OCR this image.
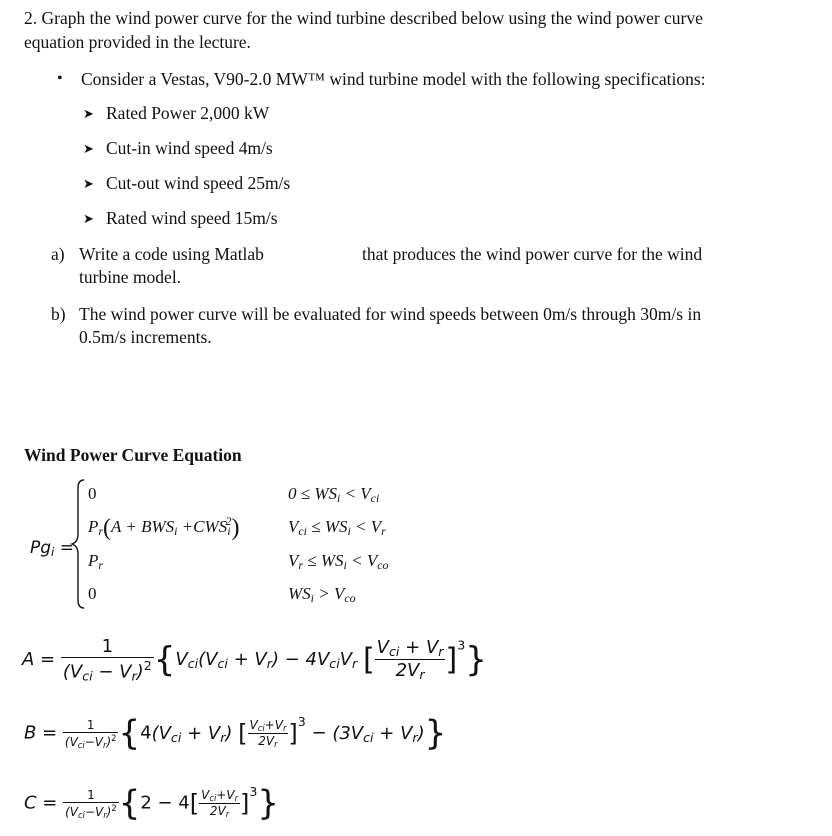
2. Graph the wind power curve for the wind turbine described below using the wind power curve
equation provided in the lecture.
• Consider a Vestas, V90-2.0 MW™ wind turbine model with the following specifications:
➤ Rated Power 2,000 kW
➤ Cut-in wind speed 4m/s
➤ Cut-out wind speed 25m/s
➤ Rated wind speed 15m/s
a) Write a code using Matlab	that produces the wind power curve for the wind
turbine model.
b) The wind power curve will be evaluated for wind speeds between 0m/s through 30m/s in
0.5m/s increments.
Wind Power Curve Equation
$Pg_i$ =
0
$P_r(A + BWS_i +CWS_i^2)$
$P_r$
0
$0 \le WS_i < V_{ci}$
$V_{ci} \le WS_i < V_r$
$V_r \le WS_i < V_{co}$
$WS_i > V_{co}$
$A = \frac{1}{(V_{ci} - V_r)^2} \{V_{ci}(V_{ci} + V_r) - 4V_{ci}V_r$ [ $\frac{V_{ci} + V_r}{2V_r} ]^3$}
$B = \frac{1}{(V_{ci}-V_r)^2} \{4(V_{ci} + V_r)$ [ $\frac{V_{ci}+V_r}{2V_r} ]^3 - (3V_{ci} + V_r)$}
$C = \frac{1}{(V_{ci}-V_r)^2} \{2 - 4[ \frac{V_{ci}+V_r}{2V_r} ]^3\}$
